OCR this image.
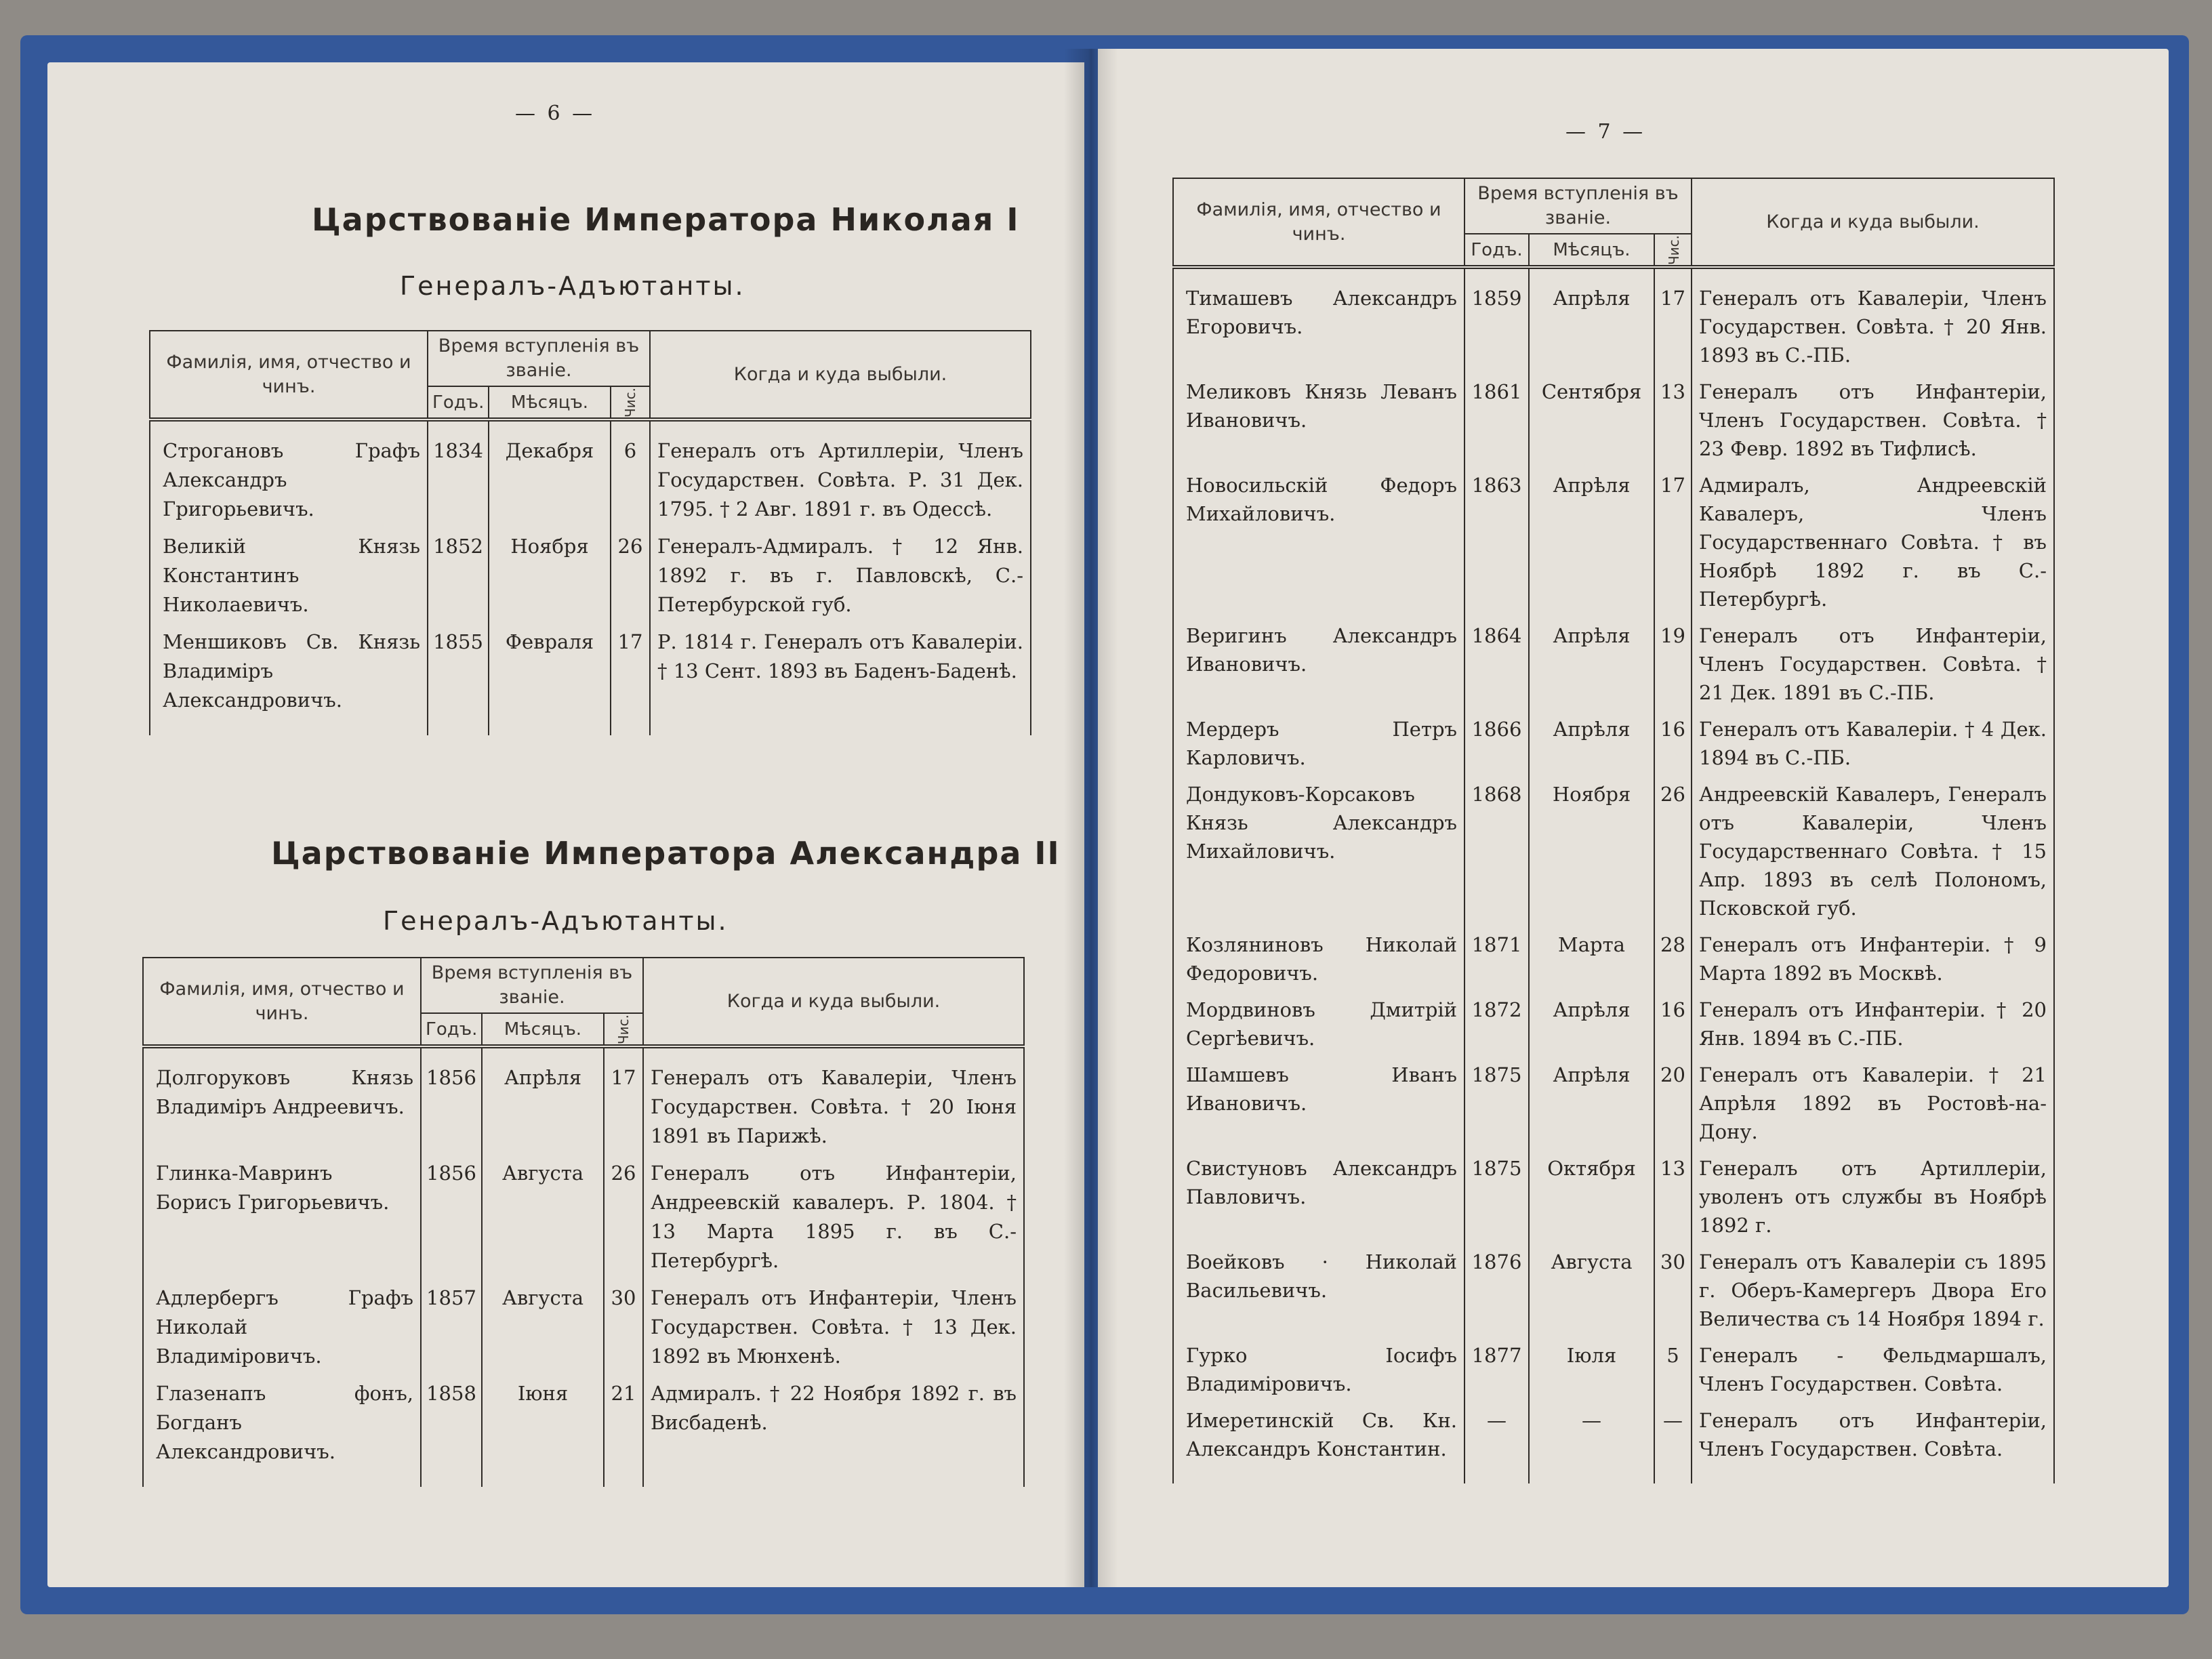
— 6 —
Царствованіе Императора Николая I
Генералъ-Адъютанты.
Фамилія, имя, отчество и чинъ.	Время вступленія въ званіе.			Когда и куда выбыли.
	Годъ.	Мѣсяцъ.	Чис.	
Строгановъ Графъ Александръ Григорьевичъ.	1834	Декабря	6	Генералъ отъ Артиллеріи, Членъ Государствен. Совѣта. Р. 31 Дек. 1795. † 2 Авг. 1891 г. въ Одессѣ.
Великій Князь Константинъ Николаевичъ.	1852	Ноября	26	Генералъ-Адмиралъ. † 12 Янв. 1892 г. въ г. Павловскѣ, С.-Петербурской губ.
Меншиковъ Св. Князь Владиміръ Александровичъ.	1855	Февраля	17	Р. 1814 г. Генералъ отъ Кавалеріи. † 13 Сент. 1893 въ Баденъ-Баденѣ.
Царствованіе Императора Александра II
Генералъ-Адъютанты.
Фамилія, имя, отчество и чинъ.	Время вступленія въ званіе.			Когда и куда выбыли.
	Годъ.	Мѣсяцъ.	Чис.	
Долгоруковъ Князь Владиміръ Андреевичъ.	1856	Апрѣля	17	Генералъ отъ Кавалеріи, Членъ Государствен. Совѣта. † 20 Іюня 1891 въ Парижѣ.
Глинка-Мавринъ Борисъ Григорьевичъ.	1856	Августа	26	Генералъ отъ Инфантеріи, Андреевскій кавалеръ. Р. 1804. † 13 Марта 1895 г. въ С.-Петербургѣ.
Адлербергъ Графъ Николай Владиміровичъ.	1857	Августа	30	Генералъ отъ Инфантеріи, Членъ Государствен. Совѣта. † 13 Дек. 1892 въ Мюнхенѣ.
Глазенапъ фонъ, Богданъ Александровичъ.	1858	Іюня	21	Адмиралъ. † 22 Ноября 1892 г. въ Висбаденѣ.
— 7 —
Фамилія, имя, отчество и чинъ.	Время вступленія въ званіе.			Когда и куда выбыли.
	Годъ.	Мѣсяцъ.	Чис.	
Тимашевъ Александръ Егоровичъ.	1859	Апрѣля	17	Генералъ отъ Кавалеріи, Членъ Государствен. Совѣта. † 20 Янв. 1893 въ С.-ПБ.
Меликовъ Князь Леванъ Ивановичъ.	1861	Сентября	13	Генералъ отъ Инфантеріи, Членъ Государствен. Совѣта. † 23 Февр. 1892 въ Тифлисѣ.
Новосильскій Федоръ Михайловичъ.	1863	Апрѣля	17	Адмиралъ, Андреевскій Кавалеръ, Членъ Государственнаго Совѣта. † въ Ноябрѣ 1892 г. въ С.-Петербургѣ.
Веригинъ Александръ Ивановичъ.	1864	Апрѣля	19	Генералъ отъ Инфантеріи, Членъ Государствен. Совѣта. † 21 Дек. 1891 въ С.-ПБ.
Мердеръ Петръ Карловичъ.	1866	Апрѣля	16	Генералъ отъ Кавалеріи. † 4 Дек. 1894 въ С.-ПБ.
Дондуковъ-Корсаковъ Князь Александръ Михайловичъ.	1868	Ноября	26	Андреевскій Кавалеръ, Генералъ отъ Кавалеріи, Членъ Государственнаго Совѣта. † 15 Апр. 1893 въ селѣ Полономъ, Псковской губ.
Козляниновъ Николай Федоровичъ.	1871	Марта	28	Генералъ отъ Инфантеріи. † 9 Марта 1892 въ Москвѣ.
Мордвиновъ Дмитрій Сергѣевичъ.	1872	Апрѣля	16	Генералъ отъ Инфантеріи. † 20 Янв. 1894 въ С.-ПБ.
Шамшевъ Иванъ Ивановичъ.	1875	Апрѣля	20	Генералъ отъ Кавалеріи. † 21 Апрѣля 1892 въ Ростовѣ-на-Дону.
Свистуновъ Александръ Павловичъ.	1875	Октября	13	Генералъ отъ Артиллеріи, уволенъ отъ службы въ Ноябрѣ 1892 г.
Воейковъ · Николай Васильевичъ.	1876	Августа	30	Генералъ отъ Кавалеріи съ 1895 г. Оберъ-Камергеръ Двора Его Величества съ 14 Ноября 1894 г.
Гурко Іосифъ Владиміровичъ.	1877	Іюля	5	Генералъ - Фельдмаршалъ, Членъ Государствен. Совѣта.
Имеретинскій Св. Кн. Александръ Константин.	—	—	—	Генералъ отъ Инфантеріи, Членъ Государствен. Совѣта.
